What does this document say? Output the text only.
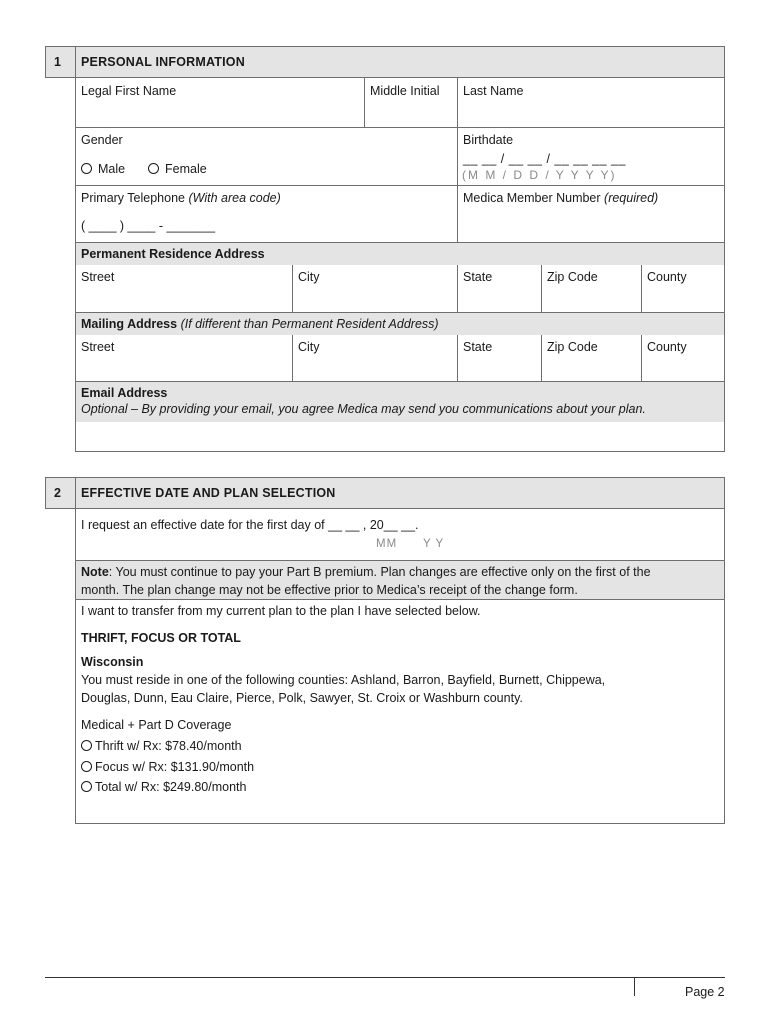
1 PERSONAL INFORMATION
Legal First Name	Middle Initial Last Name
Gender
Male	Female
Birthdate
__ __ / __ __ / __ __ __ __
(M M / D D / Y Y Y Y)
Primary Telephone (With area code)
( ____ ) ____ - _______
Medica Member Number (required)
Permanent Residence Address
Street	City	State	Zip Code	County
Mailing Address (If different than Permanent Resident Address)
Street	City	State	Zip Code	County
Email Address
Optional – By providing your email, you agree Medica may send you communications about your plan.
2 EFFECTIVE DATE AND PLAN SELECTION
I request an effective date for the first day of __ __ , 20__ __.
MM Y Y
Note: You must continue to pay your Part B premium. Plan changes are effective only on the first of the
month. The plan change may not be effective prior to Medica’s receipt of the change form.
I want to transfer from my current plan to the plan I have selected below.
THRIFT, FOCUS OR TOTAL
Wisconsin
You must reside in one of the following counties: Ashland, Barron, Bayfield, Burnett, Chippewa,
Douglas, Dunn, Eau Claire, Pierce, Polk, Sawyer, St. Croix or Washburn county.
Medical + Part D Coverage
Thrift w/ Rx: $78.40/month
Focus w/ Rx: $131.90/month
Total w/ Rx: $249.80/month
Page 2
